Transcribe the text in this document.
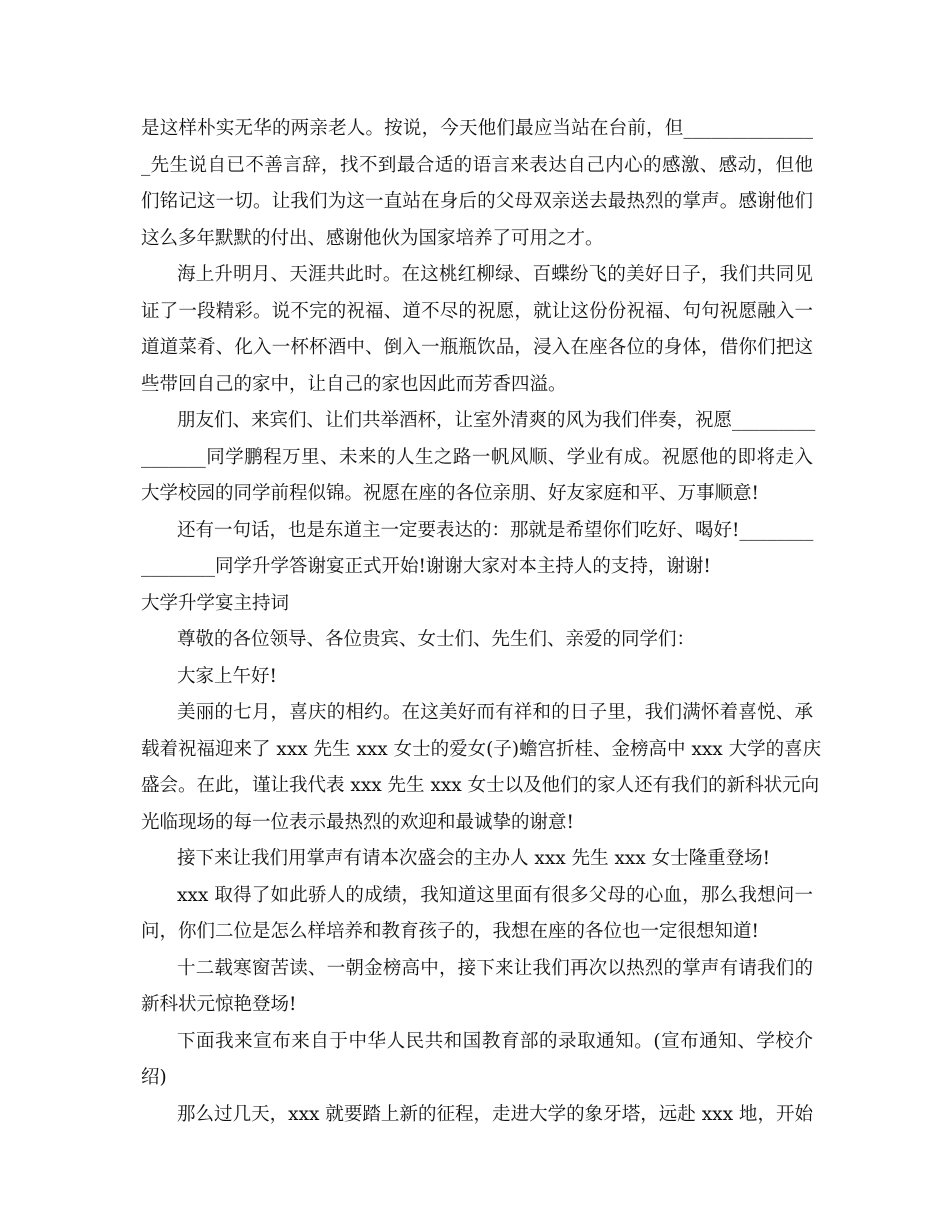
是这样朴实无华的两亲老人。按说，今天他们最应当站在台前，但______________
_先生说自已不善言辞，找不到最合适的语言来表达自己内心的感激、感动，但他
们铭记这一切。让我们为这一直站在身后的父母双亲送去最热烈的掌声。感谢他们
这么多年默默的付出、感谢他伙为国家培养了可用之才。
海上升明月、天涯共此时。在这桃红柳绿、百蝶纷飞的美好日子，我们共同见
证了一段精彩。说不完的祝福、道不尽的祝愿，就让这份份祝福、句句祝愿融入一
道道菜肴、化入一杯杯酒中、倒入一瓶瓶饮品，浸入在座各位的身体，借你们把这
些带回自己的家中，让自己的家也因此而芳香四溢。
朋友们、来宾们、让们共举酒杯，让室外清爽的风为我们伴奏，祝愿_________
_______同学鹏程万里、未来的人生之路一帆风顺、学业有成。祝愿他的即将走入
大学校园的同学前程似锦。祝愿在座的各位亲朋、好友家庭和平、万事顺意!
还有一句话，也是东道主一定要表达的：那就是希望你们吃好、喝好!________
________同学升学答谢宴正式开始!谢谢大家对本主持人的支持，谢谢!
大学升学宴主持词
尊敬的各位领导、各位贵宾、女士们、先生们、亲爱的同学们：
大家上午好!
美丽的七月，喜庆的相约。在这美好而有祥和的日子里，我们满怀着喜悦、承
载着祝福迎来了 xxx 先生 xxx 女士的爱女(子)蟾宫折桂、金榜高中 xxx 大学的喜庆
盛会。在此，谨让我代表 xxx 先生 xxx 女士以及他们的家人还有我们的新科状元向
光临现场的每一位表示最热烈的欢迎和最诚挚的谢意!
接下来让我们用掌声有请本次盛会的主办人 xxx 先生 xxx 女士隆重登场!
xxx 取得了如此骄人的成绩，我知道这里面有很多父母的心血，那么我想问一
问，你们二位是怎么样培养和教育孩子的，我想在座的各位也一定很想知道!
十二载寒窗苦读、一朝金榜高中，接下来让我们再次以热烈的掌声有请我们的
新科状元惊艳登场!
下面我来宣布来自于中华人民共和国教育部的录取通知。(宣布通知、学校介
绍)
那么过几天，xxx 就要踏上新的征程，走进大学的象牙塔，远赴 xxx 地，开始
